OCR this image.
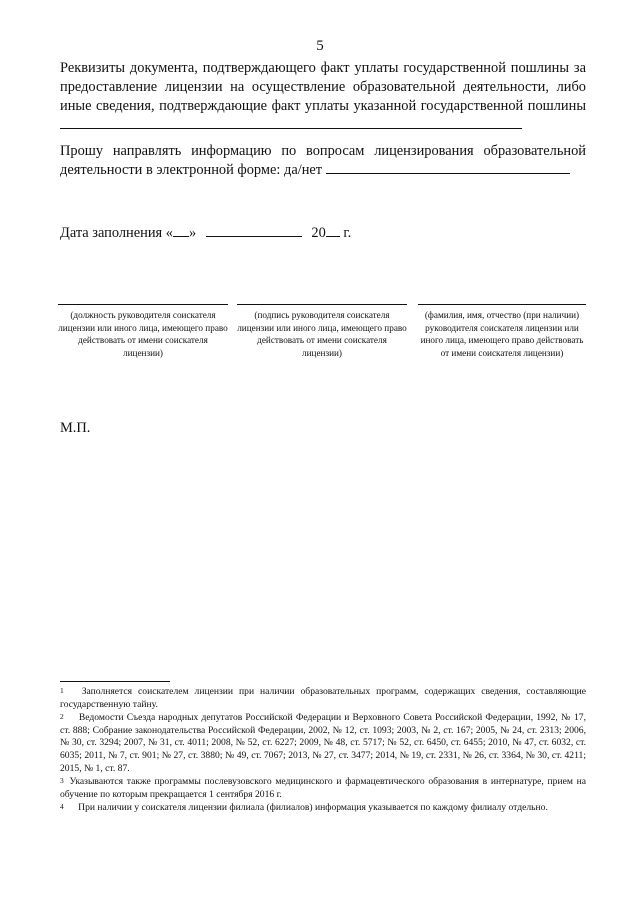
5
Реквизиты документа, подтверждающего факт уплаты государственной пошлины за предоставление лицензии на осуществление образовательной деятельности, либо иные сведения, подтверждающие факт уплаты указанной государственной пошлины
Прошу направлять информацию по вопросам лицензирования образовательной деятельности в электронной форме: да/нет
Дата заполнения « »	20 г.
(должность руководителя соискателя лицензии или иного лица, имеющего право действовать от имени соискателя лицензии)
(подпись руководителя соискателя лицензии или иного лица, имеющего право действовать от имени соискателя лицензии)
(фамилия, имя, отчество (при наличии) руководителя соискателя лицензии или иного лица, имеющего право действовать от имени соискателя лицензии)
М.П.
$^1$ Заполняется соискателем лицензии при наличии образовательных программ, содержащих сведения, составляющие государственную тайну.
$^2$ Ведомости Съезда народных депутатов Российской Федерации и Верховного Совета Российской Федерации, 1992, № 17, ст. 888; Собрание законодательства Российской Федерации, 2002, № 12, ст. 1093; 2003, № 2, ст. 167; 2005, № 24, ст. 2313; 2006, № 30, ст. 3294; 2007, № 31, ст. 4011; 2008, № 52, ст. 6227; 2009, № 48, ст. 5717; № 52, ст. 6450, ст. 6455; 2010, № 47, ст. 6032, ст. 6035; 2011, № 7, ст. 901; № 27, ст. 3880; № 49, ст. 7067; 2013, № 27, ст. 3477; 2014, № 19, ст. 2331, № 26, ст. 3364, № 30, ст. 4211; 2015, № 1, ст. 87.
$^3$ Указываются также программы послевузовского медицинского и фармацевтического образования в интернатуре, прием на обучение по которым прекращается 1 сентября 2016 г.
$^4$ При наличии у соискателя лицензии филиала (филиалов) информация указывается по каждому филиалу отдельно.
